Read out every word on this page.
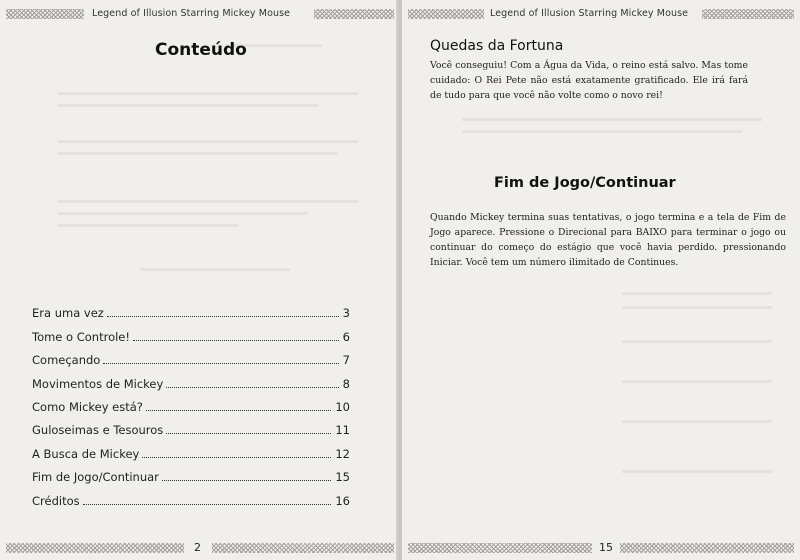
Legend of Illusion Starring Mickey Mouse
Conteúdo
Era uma vez	3
Tome o Controle!	6
Começando	7
Movimentos de Mickey	8
Como Mickey está?	10
Guloseimas e Tesouros	11
A Busca de Mickey	12
Fim de Jogo/Continuar	15
Créditos	16
2
Legend of Illusion Starring Mickey Mouse
Quedas da Fortuna
Você conseguiu! Com a Água da Vida, o reino está salvo. Mas tome cuidado: O Rei Pete não está exatamente gratificado. Ele irá fará de tudo para que você não volte como o novo rei!
Fim de Jogo/Continuar
Quando Mickey termina suas tentativas, o jogo termina e a tela de Fim de Jogo aparece. Pressione o Direcional para BAIXO para terminar o jogo ou continuar do começo do estágio que você havia perdido. pressionando Iniciar. Você tem um número ilimitado de Continues.
15
